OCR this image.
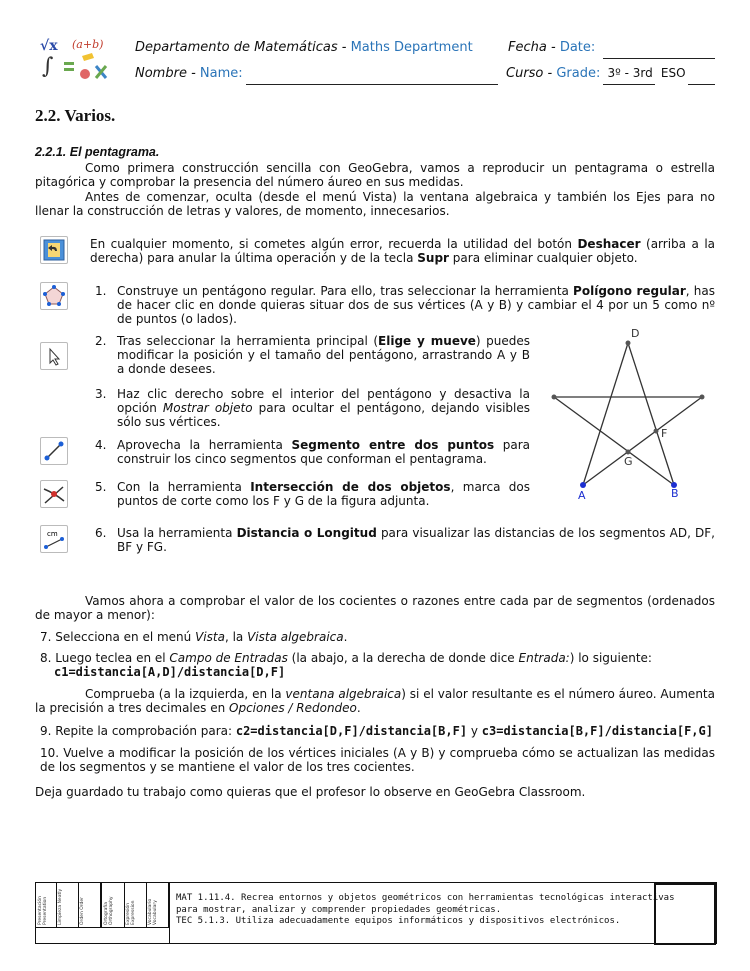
√x (a+b)
∫
Departamento de Matemáticas - Maths Department	Fecha - Date:
Nombre - Name:	Curso - Grade: 3º - 3rd ESO
2.2. Varios.
2.2.1. El pentagrama.
Como primera construcción sencilla con GeoGebra, vamos a reproducir un pentagrama o estrella pitagórica y comprobar la presencia del número áureo en sus medidas.
Antes de comenzar, oculta (desde el menú Vista) la ventana algebraica y también los Ejes para no llenar la construcción de letras y valores, de momento, innecesarios.
En cualquier momento, si cometes algún error, recuerda la utilidad del botón Deshacer (arriba a la derecha) para anular la última operación y de la tecla Supr para eliminar cualquier objeto.
cm
1. Construye un pentágono regular. Para ello, tras seleccionar la herramienta Polígono regular, has de hacer clic en donde quieras situar dos de sus vértices (A y B) y cambiar el 4 por un 5 como nº de puntos (o lados).
2. Tras seleccionar la herramienta principal (Elige y mueve) puedes modificar la posición y el tamaño del pentágono, arrastrando A y B a donde desees.
3. Haz clic derecho sobre el interior del pentágono y desactiva la opción Mostrar objeto para ocultar el pentágono, dejando visibles sólo sus vértices.
4. Aprovecha la herramienta Segmento entre dos puntos para construir los cinco segmentos que conforman el pentagrama.
5. Con la herramienta Intersección de dos objetos, marca dos puntos de corte como los F y G de la figura adjunta.
6. Usa la herramienta Distancia o Longitud para visualizar las distancias de los segmentos AD, DF, BF y FG.
D
F
G
A	B
Vamos ahora a comprobar el valor de los cocientes o razones entre cada par de segmentos (ordenados de mayor a menor):
7. Selecciona en el menú Vista, la Vista algebraica.
8. Luego teclea en el Campo de Entradas (la abajo, a la derecha de donde dice Entrada:) lo siguiente:
c1=distancia[A,D]/distancia[D,F]
Comprueba (a la izquierda, en la ventana algebraica) si el valor resultante es el número áureo. Aumenta la precisión a tres decimales en Opciones / Redondeo.
9. Repite la comprobación para: c2=distancia[D,F]/distancia[B,F] y c3=distancia[B,F]/distancia[F,G]
10. Vuelve a modificar la posición de los vértices iniciales (A y B) y comprueba cómo se actualizan las medidas de los segmentos y se mantiene el valor de los tres cocientes.
Deja guardado tu trabajo como quieras que el profesor lo observe en GeoGebra Classroom.
Presentación Presentation Limpieza Neatly	Orden Order	Ortografía Orthography	Expresión Expression	Vocabulario Vocabulary
MAT 1.11.4. Recrea entornos y objetos geométricos con herramientas tecnológicas interactivas
para mostrar, analizar y comprender propiedades geométricas.
TEC 5.1.3. Utiliza adecuadamente equipos informáticos y dispositivos electrónicos.
